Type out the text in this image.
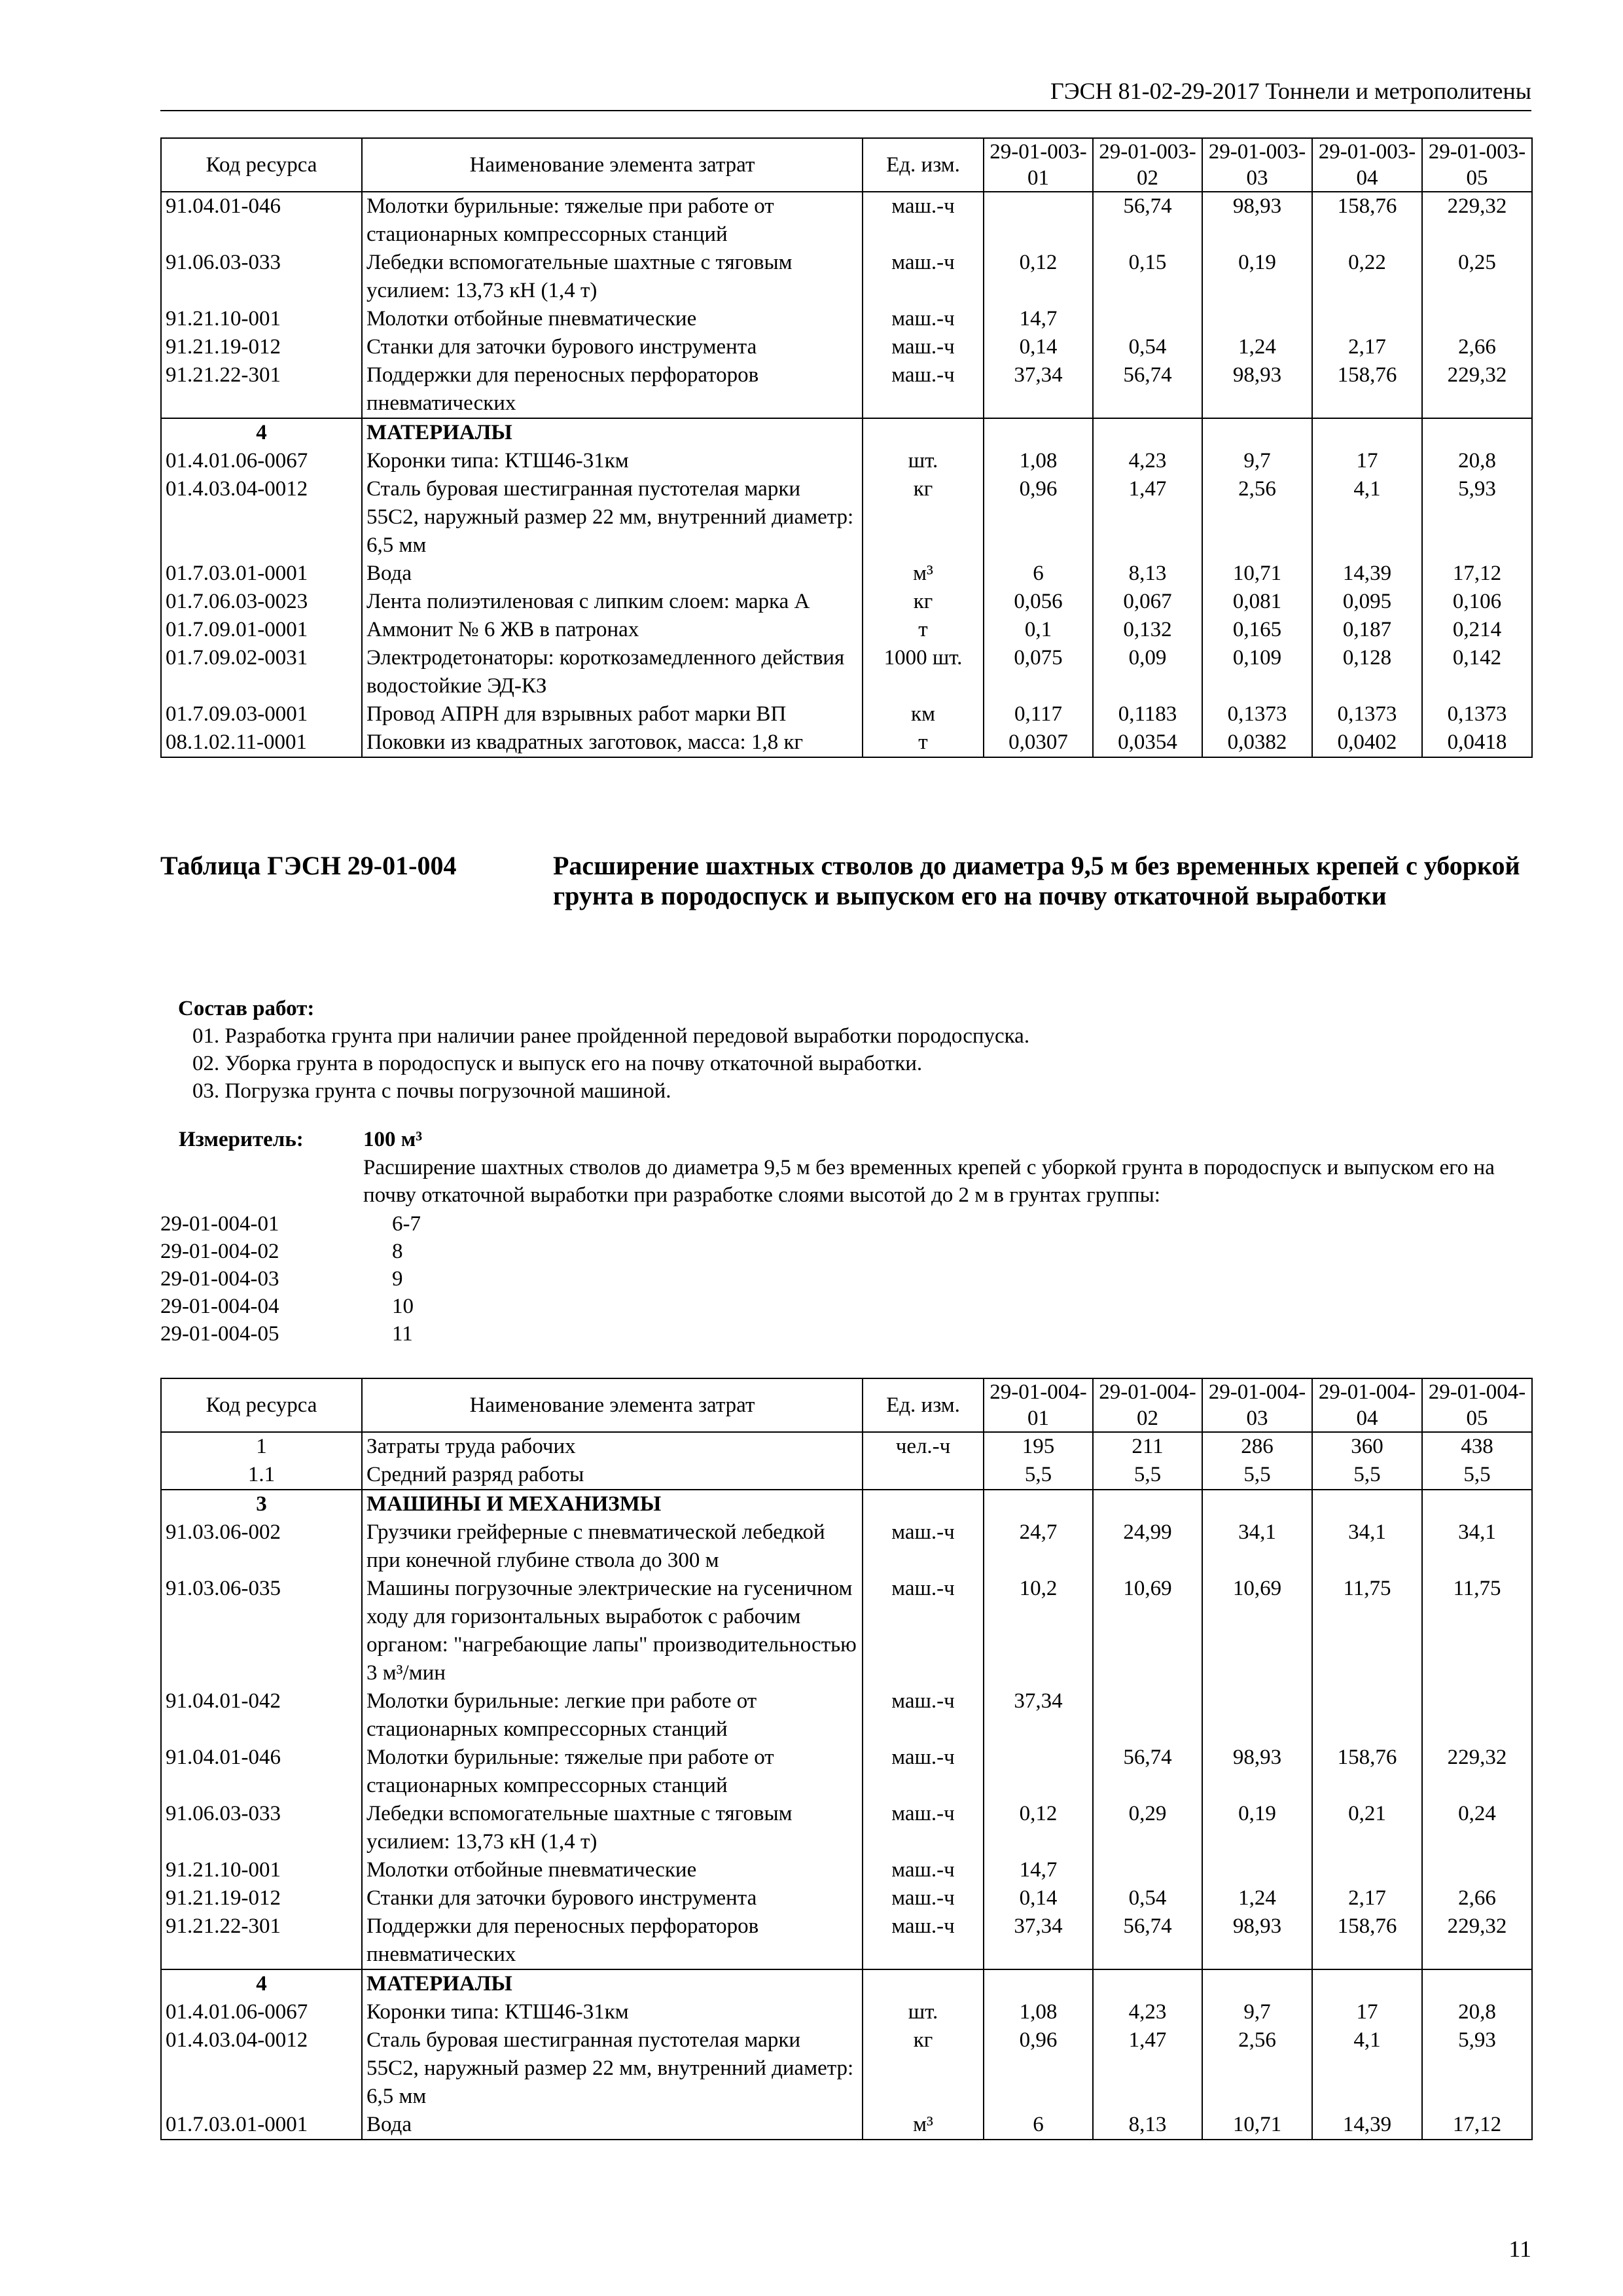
ГЭСН 81-02-29-2017 Тоннели и метрополитены
Код ресурса	Наименование элемента затрат	Ед. изм.	29-01-003-01	29-01-003-02	29-01-003-03	29-01-003-04	29-01-003-05
91.04.01-046	Молотки бурильные: тяжелые при работе от стационарных компрессорных станций	маш.-ч		56,74	98,93	158,76	229,32
91.06.03-033	Лебедки вспомогательные шахтные с тяговым усилием: 13,73 кН (1,4 т)	маш.-ч	0,12	0,15	0,19	0,22	0,25
91.21.10-001	Молотки отбойные пневматические	маш.-ч	14,7				
91.21.19-012	Станки для заточки бурового инструмента	маш.-ч	0,14	0,54	1,24	2,17	2,66
91.21.22-301	Поддержки для переносных перфораторов пневматических	маш.-ч	37,34	56,74	98,93	158,76	229,32
4	МАТЕРИАЛЫ						
01.4.01.06-0067	Коронки типа: КТШ46-31км	шт.	1,08	4,23	9,7	17	20,8
01.4.03.04-0012	Сталь буровая шестигранная пустотелая марки 55С2, наружный размер 22 мм, внутренний диаметр: 6,5 мм	кг	0,96	1,47	2,56	4,1	5,93
01.7.03.01-0001	Вода	м³	6	8,13	10,71	14,39	17,12
01.7.06.03-0023	Лента полиэтиленовая с липким слоем: марка А	кг	0,056	0,067	0,081	0,095	0,106
01.7.09.01-0001	Аммонит № 6 ЖВ в патронах	т	0,1	0,132	0,165	0,187	0,214
01.7.09.02-0031	Электродетонаторы: короткозамедленного действия водостойкие ЭД-КЗ	1000 шт.	0,075	0,09	0,109	0,128	0,142
01.7.09.03-0001	Провод АПРН для взрывных работ марки ВП	км	0,117	0,1183	0,1373	0,1373	0,1373
08.1.02.11-0001	Поковки из квадратных заготовок, масса: 1,8 кг	т	0,0307	0,0354	0,0382	0,0402	0,0418
Таблица ГЭСН 29-01-004	Расширение шахтных стволов до диаметра 9,5 м без временных крепей с уборкой грунта в породоспуск и выпуском его на почву откаточной выработки
Состав работ:
01. Разработка грунта при наличии ранее пройденной передовой выработки породоспуска.
02. Уборка грунта в породоспуск и выпуск его на почву откаточной выработки.
03. Погрузка грунта с почвы погрузочной машиной.
Измеритель:	100 м³
Расширение шахтных стволов до диаметра 9,5 м без временных крепей с уборкой грунта в породоспуск и выпуском его на почву откаточной выработки при разработке слоями высотой до 2 м в грунтах группы:
29-01-004-01	6-7
29-01-004-02	8
29-01-004-03	9
29-01-004-04	10
29-01-004-05	11
Код ресурса	Наименование элемента затрат	Ед. изм.	29-01-004-01	29-01-004-02	29-01-004-03	29-01-004-04	29-01-004-05
1	Затраты труда рабочих	чел.-ч	195	211	286	360	438
1.1	Средний разряд работы		5,5	5,5	5,5	5,5	5,5
3	МАШИНЫ И МЕХАНИЗМЫ						
91.03.06-002	Грузчики грейферные с пневматической лебедкой при конечной глубине ствола до 300 м	маш.-ч	24,7	24,99	34,1	34,1	34,1
91.03.06-035	Машины погрузочные электрические на гусеничном ходу для горизонтальных выработок с рабочим органом: "нагребающие лапы" производительностью 3 м³/мин	маш.-ч	10,2	10,69	10,69	11,75	11,75
91.04.01-042	Молотки бурильные: легкие при работе от стационарных компрессорных станций	маш.-ч	37,34				
91.04.01-046	Молотки бурильные: тяжелые при работе от стационарных компрессорных станций	маш.-ч		56,74	98,93	158,76	229,32
91.06.03-033	Лебедки вспомогательные шахтные с тяговым усилием: 13,73 кН (1,4 т)	маш.-ч	0,12	0,29	0,19	0,21	0,24
91.21.10-001	Молотки отбойные пневматические	маш.-ч	14,7				
91.21.19-012	Станки для заточки бурового инструмента	маш.-ч	0,14	0,54	1,24	2,17	2,66
91.21.22-301	Поддержки для переносных перфораторов пневматических	маш.-ч	37,34	56,74	98,93	158,76	229,32
4	МАТЕРИАЛЫ						
01.4.01.06-0067	Коронки типа: КТШ46-31км	шт.	1,08	4,23	9,7	17	20,8
01.4.03.04-0012	Сталь буровая шестигранная пустотелая марки 55С2, наружный размер 22 мм, внутренний диаметр: 6,5 мм	кг	0,96	1,47	2,56	4,1	5,93
01.7.03.01-0001	Вода	м³	6	8,13	10,71	14,39	17,12
11
